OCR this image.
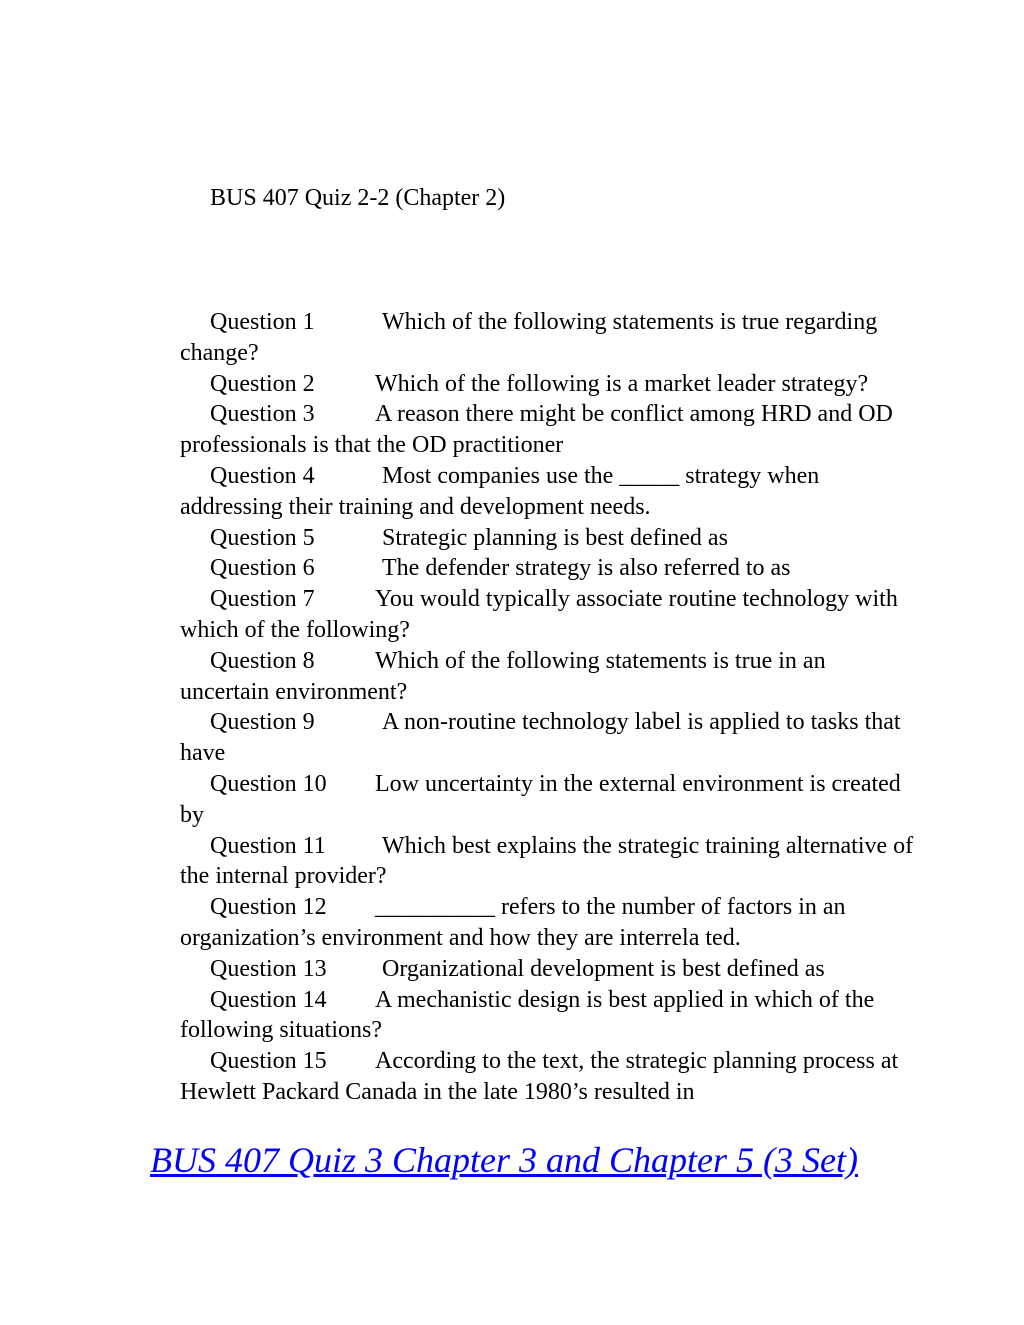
BUS 407 Quiz 2-2 (Chapter 2)

Question 1	Which of the following statements is true regarding change?

Question 2	Which of the following is a market leader strategy?

Question 3	A reason there might be conflict among HRD and OD professionals is that the OD practitioner

Question 4	Most companies use the _____ strategy when addressing their training and development needs.

Question 5	Strategic planning is best defined as

Question 6	The defender strategy is also referred to as

Question 7	You would typically associate routine technology with which of the following?

Question 8	Which of the following statements is true in an uncertain environment?

Question 9	A non-routine technology label is applied to tasks that have

Question 10 Low uncertainty in the external environment is created by

Question 11 Which best explains the strategic training alternative of the internal provider?

Question 12 __________ refers to the number of factors in an organization’s environment and how they are interrela ted.

Question 13 Organizational development is best defined as

Question 14 A mechanistic design is best applied in which of the following situations?

Question 15 According to the text, the strategic planning process at Hewlett Packard Canada in the late 1980’s resulted in

BUS 407 Quiz 3 Chapter 3 and Chapter 5 (3 Set)
